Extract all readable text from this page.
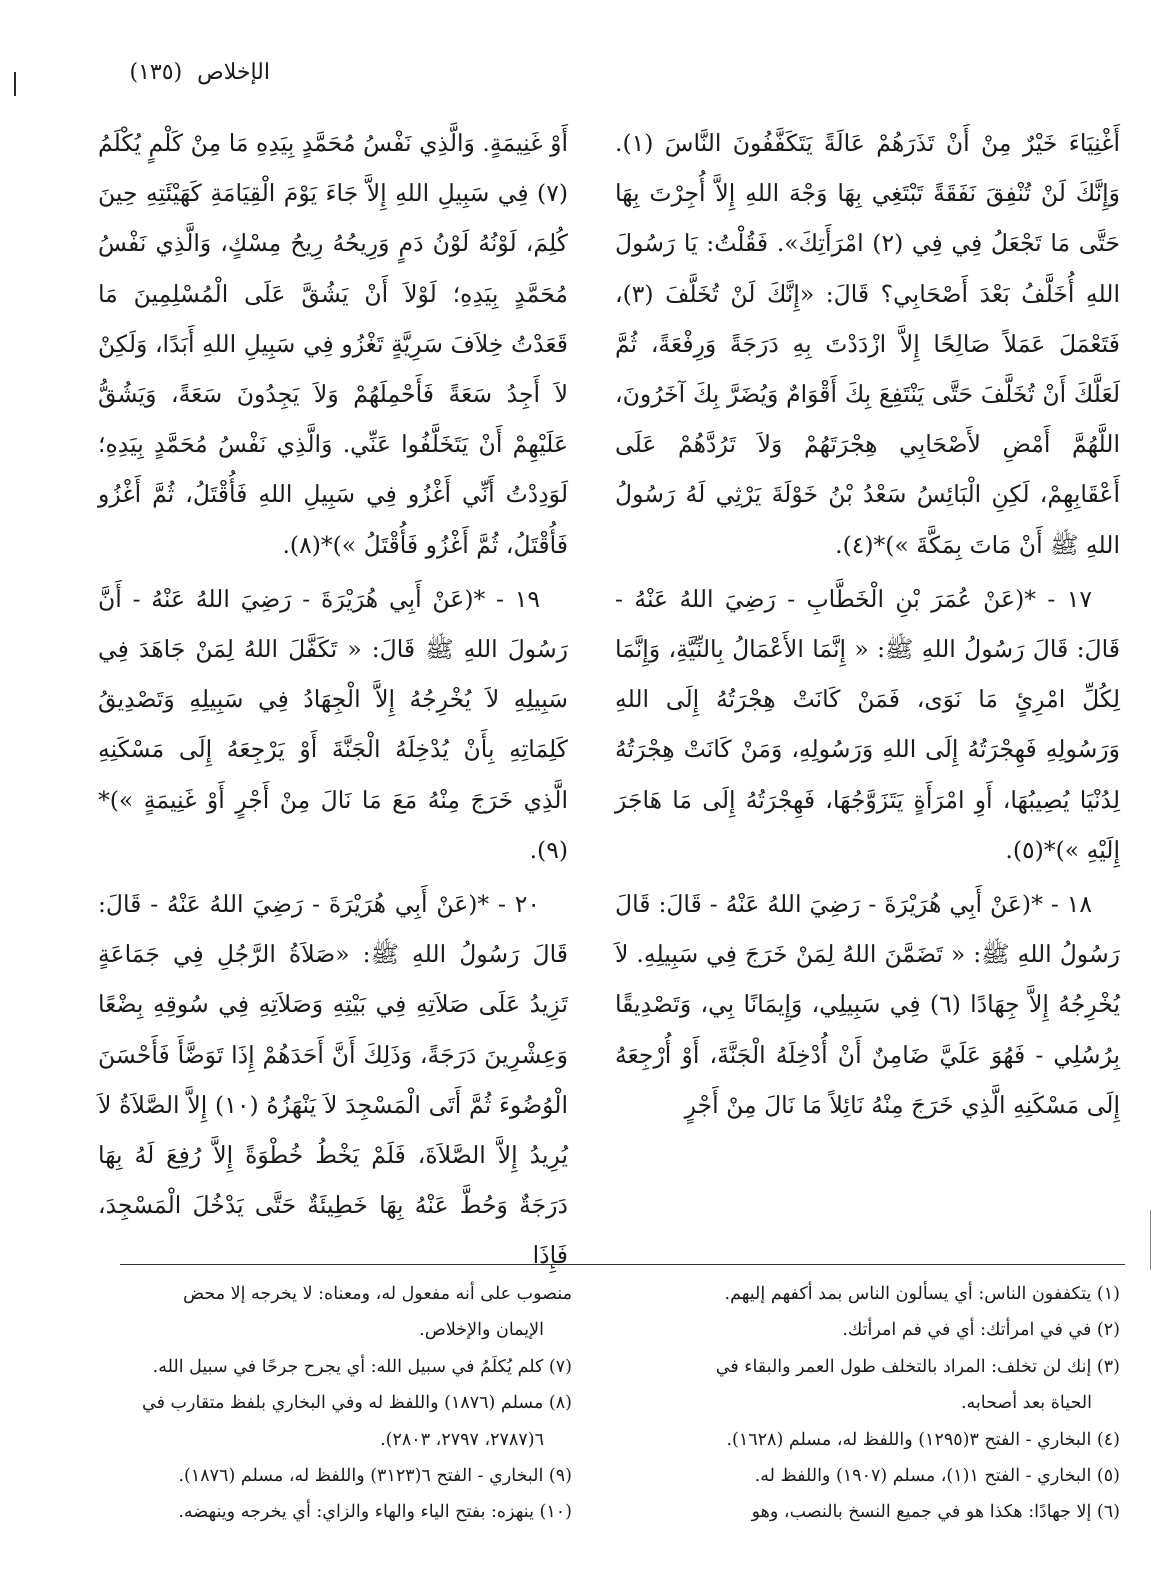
الإخلاص (١٣٥)

أَغْنِيَاءَ خَيْرٌ مِنْ أَنْ تَذَرَهُمْ عَالَةً يَتَكَفَّفُونَ النَّاسَ (١). وَإِنَّكَ لَنْ تُنْفِقَ نَفَقَةً تَبْتَغِي بِهَا وَجْهَ اللهِ إِلاَّ أُجِرْتَ بِهَا حَتَّى مَا تَجْعَلُ فِي فِي (٢) امْرَأَتِكَ». فَقُلْتُ: يَا رَسُولَ اللهِ أُخَلَّفُ بَعْدَ أَصْحَابِي؟ قَالَ: «إِنَّكَ لَنْ تُخَلَّفَ (٣)، فَتَعْمَلَ عَمَلاً صَالِحًا إِلاَّ ازْدَدْتَ بِهِ دَرَجَةً وَرِفْعَةً، ثُمَّ لَعَلَّكَ أَنْ تُخَلَّفَ حَتَّى يَنْتَفِعَ بِكَ أَقْوَامٌ وَيُضَرَّ بِكَ آخَرُونَ، اللَّهُمَّ أَمْضِ لأَصْحَابِي هِجْرَتَهُمْ وَلاَ تَرُدَّهُمْ عَلَى أَعْقَابِهِمْ، لَكِنِ الْبَائِسُ سَعْدُ بْنُ خَوْلَةَ يَرْثِي لَهُ رَسُولُ اللهِ ﷺ أَنْ مَاتَ بِمَكَّةَ »)*(٤).

١٧ - *(عَنْ عُمَرَ بْنِ الْخَطَّابِ - رَضِيَ اللهُ عَنْهُ - قَالَ: قَالَ رَسُولُ اللهِ ﷺ: « إِنَّمَا الأَعْمَالُ بِالنِّيَّةِ، وَإِنَّمَا لِكُلِّ امْرِئٍ مَا نَوَى، فَمَنْ كَانَتْ هِجْرَتُهُ إِلَى اللهِ وَرَسُولِهِ فَهِجْرَتُهُ إِلَى اللهِ وَرَسُولِهِ، وَمَنْ كَانَتْ هِجْرَتُهُ لِدُنْيَا يُصِيبُهَا، أَوِ امْرَأَةٍ يَتَزَوَّجُهَا، فَهِجْرَتُهُ إِلَى مَا هَاجَرَ إِلَيْهِ »)*(٥).

١٨ - *(عَنْ أَبِي هُرَيْرَةَ - رَضِيَ اللهُ عَنْهُ - قَالَ: قَالَ رَسُولُ اللهِ ﷺ: « تَضَمَّنَ اللهُ لِمَنْ خَرَجَ فِي سَبِيلِهِ. لاَ يُخْرِجُهُ إِلاَّ جِهَادًا (٦) فِي سَبِيلِي، وَإِيمَانًا بِي، وَتَصْدِيقًا بِرُسُلِي - فَهُوَ عَلَيَّ ضَامِنٌ أَنْ أُدْخِلَهُ الْجَنَّةَ، أَوْ أُرْجِعَهُ إِلَى مَسْكَنِهِ الَّذِي خَرَجَ مِنْهُ نَائِلاً مَا نَالَ مِنْ أَجْرٍ

أَوْ غَنِيمَةٍ. وَالَّذِي نَفْسُ مُحَمَّدٍ بِيَدِهِ مَا مِنْ كَلْمٍ يُكْلَمُ (٧) فِي سَبِيلِ اللهِ إِلاَّ جَاءَ يَوْمَ الْقِيَامَةِ كَهَيْئَتِهِ حِينَ كُلِمَ، لَوْنُهُ لَوْنُ دَمٍ وَرِيحُهُ رِيحُ مِسْكٍ، وَالَّذِي نَفْسُ مُحَمَّدٍ بِيَدِهِ؛ لَوْلاَ أَنْ يَشُقَّ عَلَى الْمُسْلِمِينَ مَا قَعَدْتُ خِلاَفَ سَرِيَّةٍ تَغْزُو فِي سَبِيلِ اللهِ أَبَدًا، وَلَكِنْ لاَ أَجِدُ سَعَةً فَأَحْمِلَهُمْ وَلاَ يَجِدُونَ سَعَةً، وَيَشُقُّ عَلَيْهِمْ أَنْ يَتَخَلَّفُوا عَنِّي. وَالَّذِي نَفْسُ مُحَمَّدٍ بِيَدِهِ؛ لَوَدِدْتُ أَنِّي أَغْزُو فِي سَبِيلِ اللهِ فَأُقْتَلُ، ثُمَّ أَغْزُو فَأُقْتَلُ، ثُمَّ أَغْزُو فَأُقْتَلُ »)*(٨).

١٩ - *(عَنْ أَبِي هُرَيْرَةَ - رَضِيَ اللهُ عَنْهُ - أَنَّ رَسُولَ اللهِ ﷺ قَالَ: « تَكَفَّلَ اللهُ لِمَنْ جَاهَدَ فِي سَبِيلِهِ لاَ يُخْرِجُهُ إِلاَّ الْجِهَادُ فِي سَبِيلِهِ وَتَصْدِيقُ كَلِمَاتِهِ بِأَنْ يُدْخِلَهُ الْجَنَّةَ أَوْ يَرْجِعَهُ إِلَى مَسْكَنِهِ الَّذِي خَرَجَ مِنْهُ مَعَ مَا نَالَ مِنْ أَجْرٍ أَوْ غَنِيمَةٍ »)*(٩).

٢٠ - *(عَنْ أَبِي هُرَيْرَةَ - رَضِيَ اللهُ عَنْهُ - قَالَ: قَالَ رَسُولُ اللهِ ﷺ: «صَلاَةُ الرَّجُلِ فِي جَمَاعَةٍ تَزِيدُ عَلَى صَلاَتِهِ فِي بَيْتِهِ وَصَلاَتِهِ فِي سُوقِهِ بِضْعًا وَعِشْرِينَ دَرَجَةً، وَذَلِكَ أَنَّ أَحَدَهُمْ إِذَا تَوَضَّأَ فَأَحْسَنَ الْوُضُوءَ ثُمَّ أَتَى الْمَسْجِدَ لاَ يَنْهَزُهُ (١٠) إِلاَّ الصَّلاَةُ لاَ يُرِيدُ إِلاَّ الصَّلاَةَ، فَلَمْ يَخْطُ خُطْوَةً إِلاَّ رُفِعَ لَهُ بِهَا دَرَجَةٌ وَحُطَّ عَنْهُ بِهَا خَطِيئَةٌ حَتَّى يَدْخُلَ الْمَسْجِدَ، فَإِذَا

(١) يتكففون الناس: أي يسألون الناس بمد أكفهم إليهم.

(٢) في في امرأتك: أي في فم امرأتك.

(٣) إنك لن تخلف: المراد بالتخلف طول العمر والبقاء في

الحياة بعد أصحابه.

(٤) البخاري - الفتح ٣(١٢٩٥) واللفظ له، مسلم (١٦٢٨).

(٥) البخاري - الفتح ١(١)، مسلم (١٩٠٧) واللفظ له.

(٦) إلا جهادًا: هكذا هو في جميع النسخ بالنصب، وهو

منصوب على أنه مفعول له، ومعناه: لا يخرجه إلا محض

الإيمان والإخلاص.

(٧) كلم يُكلَمُ في سبيل الله: أي يجرح جرحًا في سبيل الله.

(٨) مسلم (١٨٧٦) واللفظ له وفي البخاري بلفظ متقارب في

٦(٢٧٨٧، ٢٧٩٧، ٢٨٠٣).

(٩) البخاري - الفتح ٦(٣١٢٣) واللفظ له، مسلم (١٨٧٦).

(١٠) ينهزه: بفتح الياء والهاء والزاي: أي يخرجه وينهضه.
